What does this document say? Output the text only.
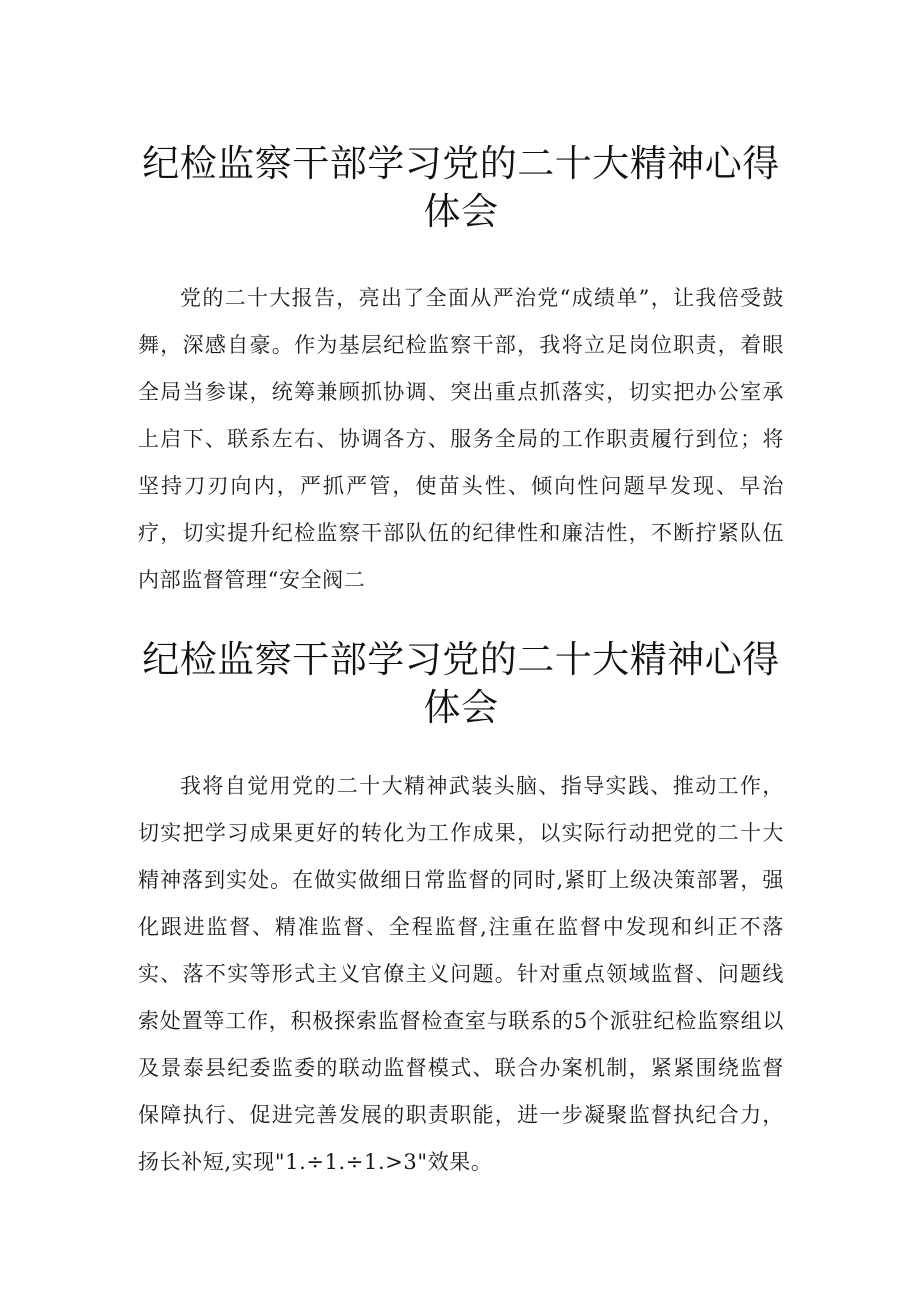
纪检监察干部学习党的二十大精神心得体会

党的二十大报告，亮出了全面从严治党“成绩单”，让我倍受鼓舞，深感自豪。作为基层纪检监察干部，我将立足岗位职责，着眼全局当参谋，统筹兼顾抓协调、突出重点抓落实，切实把办公室承上启下、联系左右、协调各方、服务全局的工作职责履行到位；将坚持刀刃向内，严抓严管，使苗头性、倾向性问题早发现、早治疗，切实提升纪检监察干部队伍的纪律性和廉洁性，不断拧紧队伍内部监督管理“安全阀二

纪检监察干部学习党的二十大精神心得体会

我将自觉用党的二十大精神武装头脑、指导实践、推动工作，切实把学习成果更好的转化为工作成果，以实际行动把党的二十大精神落到实处。在做实做细日常监督的同时,紧盯上级决策部署，强化跟进监督、精准监督、全程监督,注重在监督中发现和纠正不落实、落不实等形式主义官僚主义问题。针对重点领域监督、问题线索处置等工作，积极探索监督检查室与联系的5个派驻纪检监察组以及景泰县纪委监委的联动监督模式、联合办案机制，紧紧围绕监督保障执行、促进完善发展的职责职能，进一步凝聚监督执纪合力，扬长补短,实现"1.÷1.÷1.>3"效果。
